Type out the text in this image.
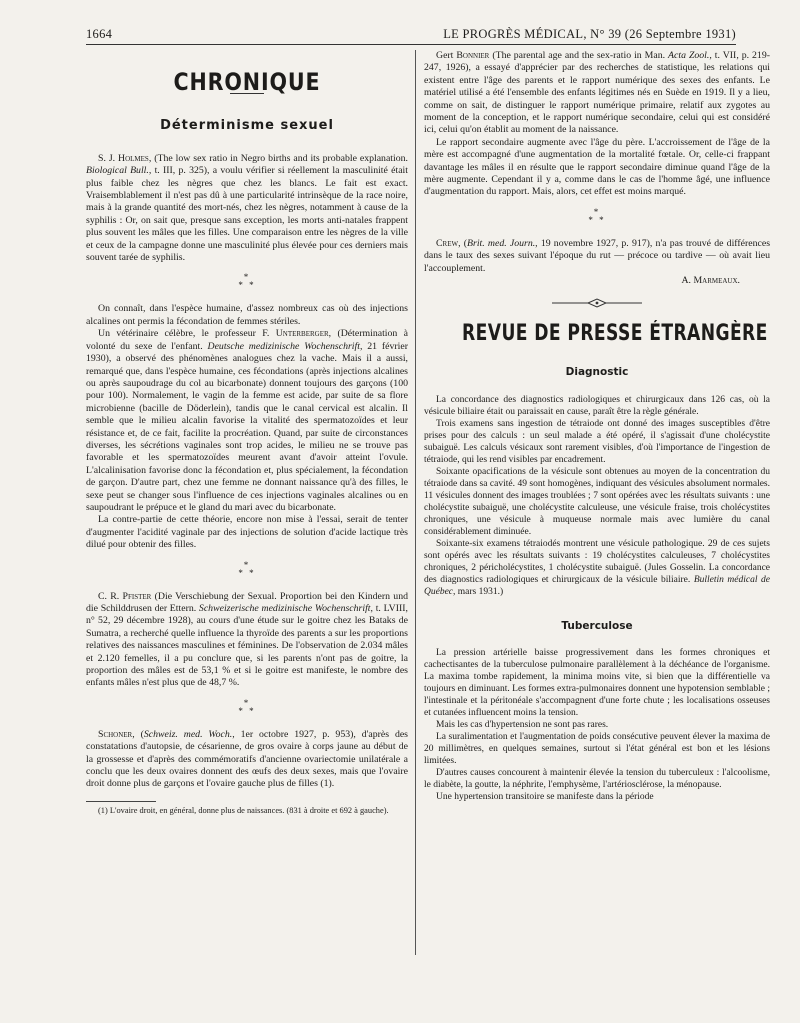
1664	LE PROGRÈS MÉDICAL, N° 39 (26 Septembre 1931)
CHRONIQUE
Déterminisme sexuel

S. J. Holmes, (The low sex ratio in Negro births and its probable explanation. Biological Bull., t. III, p. 325), a voulu vérifier si réellement la masculinité était plus faible chez les nègres que chez les blancs. Le fait est exact. Vraisemblablement il n'est pas dû à une particularité intrinsèque de la race noire, mais à la grande quantité des mort-nés, chez les nègres, notamment à cause de la syphilis : Or, on sait que, presque sans exception, les morts anti-natales frappent plus souvent les mâles que les filles. Une comparaison entre les nègres de la ville et ceux de la campagne donne une masculinité plus élevée pour ces derniers mais souvent tarée de syphilis.

*
* *

On connaît, dans l'espèce humaine, d'assez nombreux cas où des injections alcalines ont permis la fécondation de femmes stériles.

Un vétérinaire célèbre, le professeur F. Unterberger, (Détermination à volonté du sexe de l'enfant. Deutsche medizinische Wochenschrift, 21 février 1930), a observé des phénomènes analogues chez la vache. Mais il a aussi, remarqué que, dans l'espèce humaine, ces fécondations (après injections alcalines ou après saupoudrage du col au bicarbonate) donnent toujours des garçons (100 pour 100). Normalement, le vagin de la femme est acide, par suite de sa flore microbienne (bacille de Döderlein), tandis que le canal cervical est alcalin. Il semble que le milieu alcalin favorise la vitalité des spermatozoïdes et leur résistance et, de ce fait, facilite la procréation. Quand, par suite de circonstances diverses, les sécrétions vaginales sont trop acides, le milieu ne se trouve pas favorable et les spermatozoïdes meurent avant d'avoir atteint l'ovule. L'alcalinisation favorise donc la fécondation et, plus spécialement, la fécondation de garçon. D'autre part, chez une femme ne donnant naissance qu'à des filles, le sexe peut se changer sous l'influence de ces injections vaginales alcalines ou en saupoudrant le prépuce et le gland du mari avec du bicarbonate.

La contre-partie de cette théorie, encore non mise à l'essai, serait de tenter d'augmenter l'acidité vaginale par des injections de solution d'acide lactique très dilué pour obtenir des filles.

*
* *

C. R. Pfister (Die Verschiebung der Sexual. Proportion bei den Kindern und die Schilddrusen der Ettern. Schweizerische medizinische Wochenschrift, t. LVIII, n° 52, 29 décembre 1928), au cours d'une étude sur le goitre chez les Bataks de Sumatra, a recherché quelle influence la thyroïde des parents a sur les proportions relatives des naissances masculines et féminines. De l'observation de 2.034 mâles et 2.120 femelles, il a pu conclure que, si les parents n'ont pas de goitre, la proportion des mâles est de 53,1 % et si le goitre est manifeste, le nombre des enfants mâles n'est plus que de 48,7 %.

*
* *

Schoner, (Schweiz. med. Woch., 1er octobre 1927, p. 953), d'après des constatations d'autopsie, de césarienne, de gros ovaire à corps jaune au début de la grossesse et d'après des commémoratifs d'ancienne ovariectomie unilatérale a conclu que les deux ovaires donnent des œufs des deux sexes, mais que l'ovaire droit donne plus de garçons et l'ovaire gauche plus de filles (1).

(1) L'ovaire droit, en général, donne plus de naissances. (831 à droite et 692 à gauche).

Gert Bonnier (The parental age and the sex-ratio in Man. Acta Zool., t. VII, p. 219-247, 1926), a essayé d'apprécier par des recherches de statistique, les relations qui existent entre l'âge des parents et le rapport numérique des sexes des enfants. Le matériel utilisé a été l'ensemble des enfants légitimes nés en Suède en 1919. Il y a lieu, comme on sait, de distinguer le rapport numérique primaire, relatif aux zygotes au moment de la conception, et le rapport numérique secondaire, celui qui est considéré ici, celui qu'on établit au moment de la naissance.

Le rapport secondaire augmente avec l'âge du père. L'accroissement de l'âge de la mère est accompagné d'une augmentation de la mortalité fœtale. Or, celle-ci frappant davantage les mâles il en résulte que le rapport secondaire diminue quand l'âge de la mère augmente. Cependant il y a, comme dans le cas de l'homme âgé, une influence d'augmentation du rapport. Mais, alors, cet effet est moins marqué.

*
* *

Crew, (Brit. med. Journ., 19 novembre 1927, p. 917), n'a pas trouvé de différences dans le taux des sexes suivant l'époque du rut — précoce ou tardive — où avait lieu l'accouplement.

A. Marmeaux.

REVUE DE PRESSE ÉTRANGÈRE
Diagnostic

La concordance des diagnostics radiologiques et chirurgicaux dans 126 cas, où la vésicule biliaire était ou paraissait en cause, paraît être la règle générale.

Trois examens sans ingestion de tétraiode ont donné des images susceptibles d'être prises pour des calculs : un seul malade a été opéré, il s'agissait d'une cholécystite subaiguë. Les calculs vésicaux sont rarement visibles, d'où l'importance de l'ingestion de tétraiode, qui les rend visibles par encadrement.

Soixante opacifications de la vésicule sont obtenues au moyen de la concentration du tétraiode dans sa cavité. 49 sont homogènes, indiquant des vésicules absolument normales. 11 vésicules donnent des images troublées ; 7 sont opérées avec les résultats suivants : une cholécystite subaiguë, une cholécystite calculeuse, une vésicule fraise, trois cholécystites chroniques, une vésicule à muqueuse normale mais avec lumière du canal considérablement diminuée.

Soixante-six examens tétraiodés montrent une vésicule pathologique. 29 de ces sujets sont opérés avec les résultats suivants : 19 cholécystites calculeuses, 7 cholécystites chroniques, 2 péricholécystites, 1 cholécystite subaiguë. (Jules Gosselin. La concordance des diagnostics radiologiques et chirurgicaux de la vésicule biliaire. Bulletin médical de Québec, mars 1931.)

Tuberculose

La pression artérielle baisse progressivement dans les formes chroniques et cachectisantes de la tuberculose pulmonaire parallèlement à la déchéance de l'organisme. La maxima tombe rapidement, la minima moins vite, si bien que la différentielle va toujours en diminuant. Les formes extra-pulmonaires donnent une hypotension semblable ; l'intestinale et la péritonéale s'accompagnent d'une forte chute ; les localisations osseuses et cutanées influencent moins la tension.

Mais les cas d'hypertension ne sont pas rares.

La suralimentation et l'augmentation de poids consécutive peuvent élever la maxima de 20 millimètres, en quelques semaines, surtout si l'état général est bon et les lésions limitées.

D'autres causes concourent à maintenir élevée la tension du tuberculeux : l'alcoolisme, le diabète, la goutte, la néphrite, l'emphysème, l'artériosclérose, la ménopause.

Une hypertension transitoire se manifeste dans la période
